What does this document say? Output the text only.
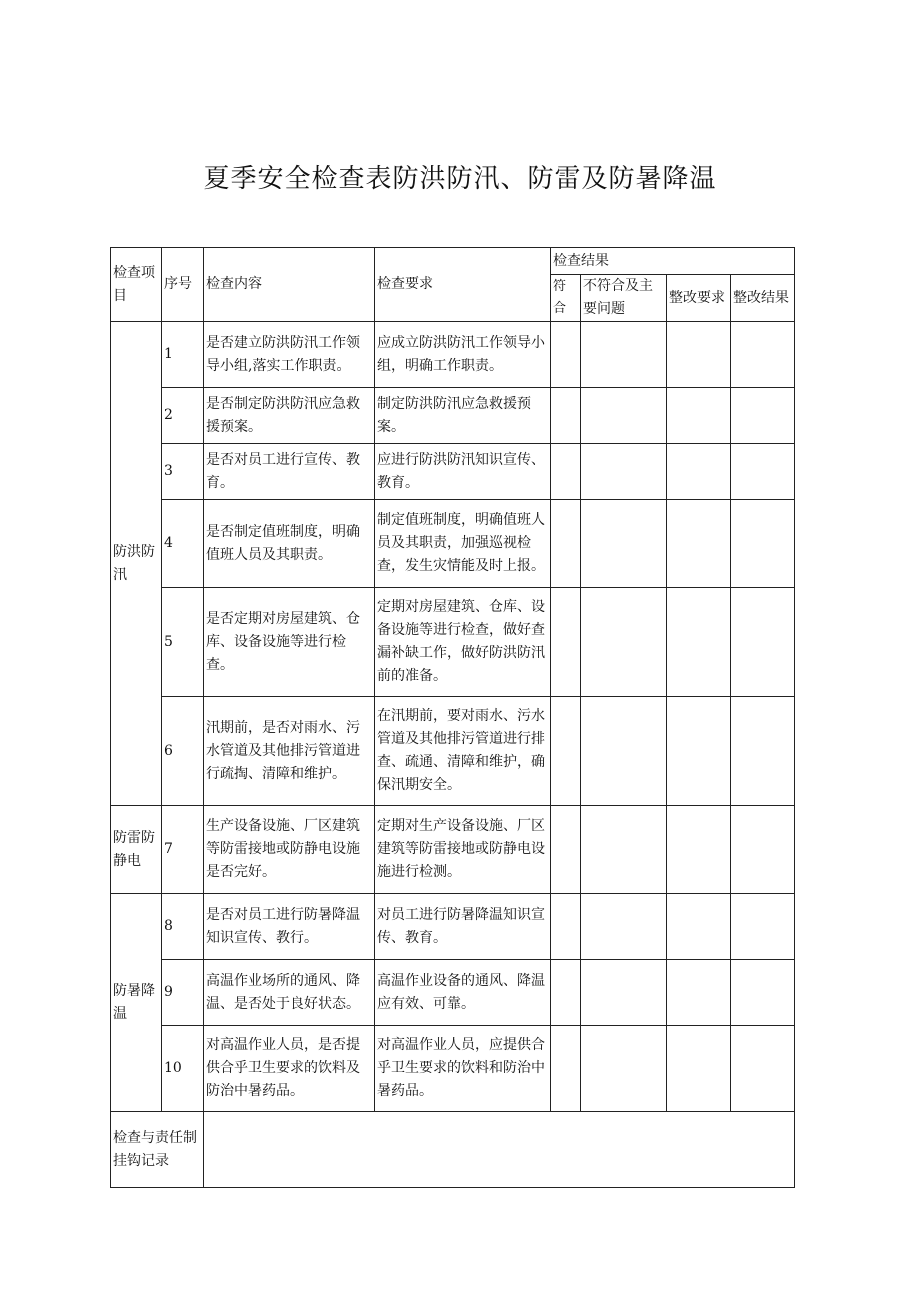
夏季安全检查表防洪防汛、防雷及防暑降温
检查项目	序号	检查内容	检查要求	检查结果			
				符合	不符合及主要问题	整改要求	整改结果
防洪防汛	1	是否建立防洪防汛工作领导小组,落实工作职责。	应成立防洪防汛工作领导小组，明确工作职责。				
	2	是否制定防洪防汛应急救援预案。	制定防洪防汛应急救援预案。				
	3	是否对员工进行宣传、教育。	应进行防洪防汛知识宣传、教育。				
	4	是否制定值班制度，明确值班人员及其职责。	制定值班制度，明确值班人员及其职责，加强巡视检查，发生灾情能及时上报。				
	5	是否定期对房屋建筑、仓库、设备设施等进行检查。	定期对房屋建筑、仓库、设备设施等进行检查，做好查漏补缺工作，做好防洪防汛前的准备。				
	6	汛期前，是否对雨水、污水管道及其他排污管道进行疏掏、清障和维护。	在汛期前，要对雨水、污水管道及其他排污管道进行排查、疏通、清障和维护，确保汛期安全。				
防雷防静电	7	生产设备设施、厂区建筑等防雷接地或防静电设施是否完好。	定期对生产设备设施、厂区建筑等防雷接地或防静电设施进行检测。				
防暑降温	8	是否对员工进行防暑降温知识宣传、教行。	对员工进行防暑降温知识宣传、教育。				
	9	高温作业场所的通风、降温、是否处于良好状态。	高温作业设备的通风、降温应有效、可靠。				
	10	对高温作业人员，是否提供合乎卫生要求的饮料及防治中暑药品。	对高温作业人员，应提供合乎卫生要求的饮料和防治中暑药品。				
检查与责任制挂钩记录							
